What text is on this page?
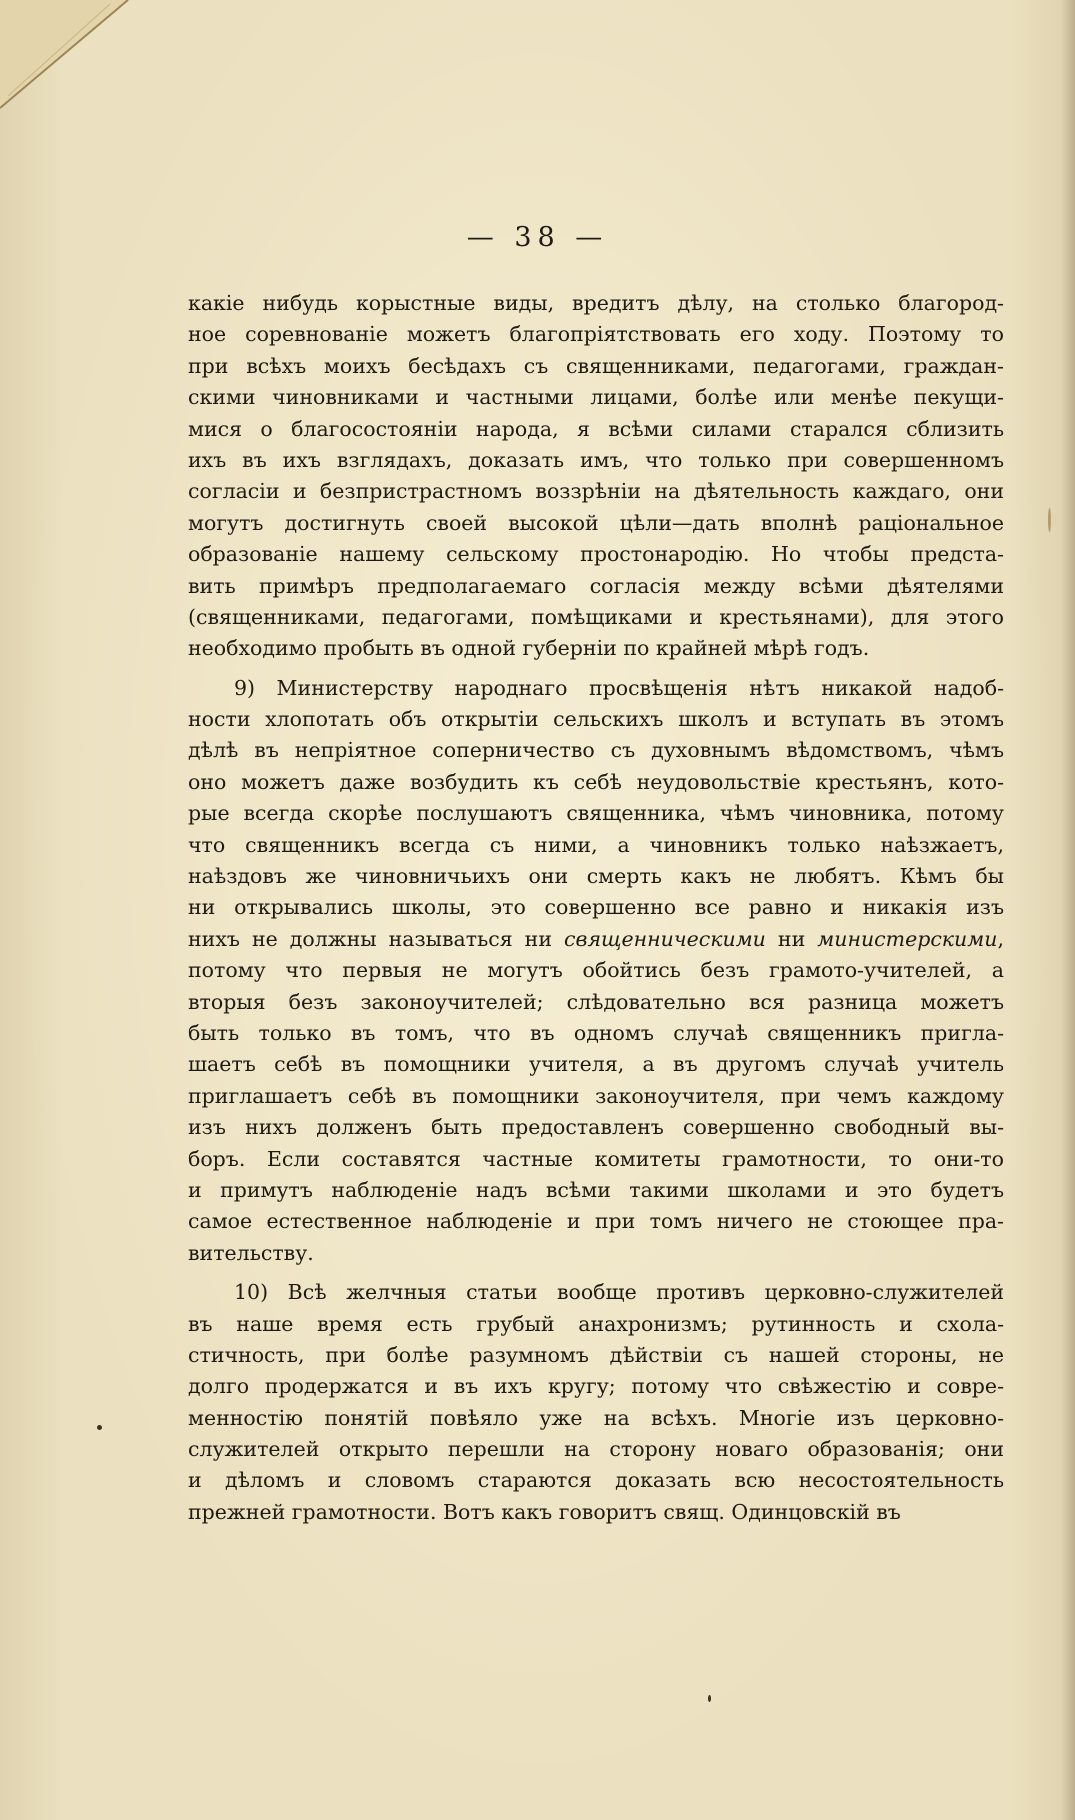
— 38 —
какіе нибудь корыстные виды, вредитъ дѣлу, на столько благород-
ное соревнованіе можетъ благопріятствовать его ходу. Поэтому то
при всѣхъ моихъ бесѣдахъ съ священниками, педагогами, граждан-
скими чиновниками и частными лицами, болѣе или менѣе пекущи-
мися о благосостояніи народа, я всѣми силами старался сблизить
ихъ въ ихъ взглядахъ, доказать имъ, что только при совершенномъ
согласіи и безпристрастномъ воззрѣніи на дѣятельность каждаго, они
могутъ достигнуть своей высокой цѣли—дать вполнѣ раціональное
образованіе нашему сельскому простонародію. Но чтобы предста-
вить примѣръ предполагаемаго согласія между всѣми дѣятелями
(священниками, педагогами, помѣщиками и крестьянами), для этого
необходимо пробыть въ одной губерніи по крайней мѣрѣ годъ.
9) Министерству народнаго просвѣщенія нѣтъ никакой надоб-
ности хлопотать объ открытіи сельскихъ школъ и вступать въ этомъ
дѣлѣ въ непріятное соперничество съ духовнымъ вѣдомствомъ, чѣмъ
оно можетъ даже возбудить къ себѣ неудовольствіе крестьянъ, кото-
рые всегда скорѣе послушаютъ священника, чѣмъ чиновника, потому
что священникъ всегда съ ними, а чиновникъ только наѣзжаетъ,
наѣздовъ же чиновничьихъ они смерть какъ не любятъ. Кѣмъ бы
ни открывались школы, это совершенно все равно и никакія изъ
нихъ не должны называться ни священническими ни министерскими,
потому что первыя не могутъ обойтись безъ грамото-учителей, а
вторыя безъ законоучителей; слѣдовательно вся разница можетъ
быть только въ томъ, что въ одномъ случаѣ священникъ пригла-
шаетъ себѣ въ помощники учителя, а въ другомъ случаѣ учитель
приглашаетъ себѣ въ помощники законоучителя, при чемъ каждому
изъ нихъ долженъ быть предоставленъ совершенно свободный вы-
боръ. Если составятся частные комитеты грамотности, то они-то
и примутъ наблюденіе надъ всѣми такими школами и это будетъ
самое естественное наблюденіе и при томъ ничего не стоющее пра-
вительству.
10) Всѣ желчныя статьи вообще противъ церковно-служителей
въ наше время есть грубый анахронизмъ; рутинность и схола-
стичность, при болѣе разумномъ дѣйствіи съ нашей стороны, не
долго продержатся и въ ихъ кругу; потому что свѣжестію и совре-
менностію понятій повѣяло уже на всѣхъ. Многіе изъ церковно-
служителей открыто перешли на сторону новаго образованія; они
и дѣломъ и словомъ стараются доказать всю несостоятельность
прежней грамотности. Вотъ какъ говоритъ свящ. Одинцовскій въ
